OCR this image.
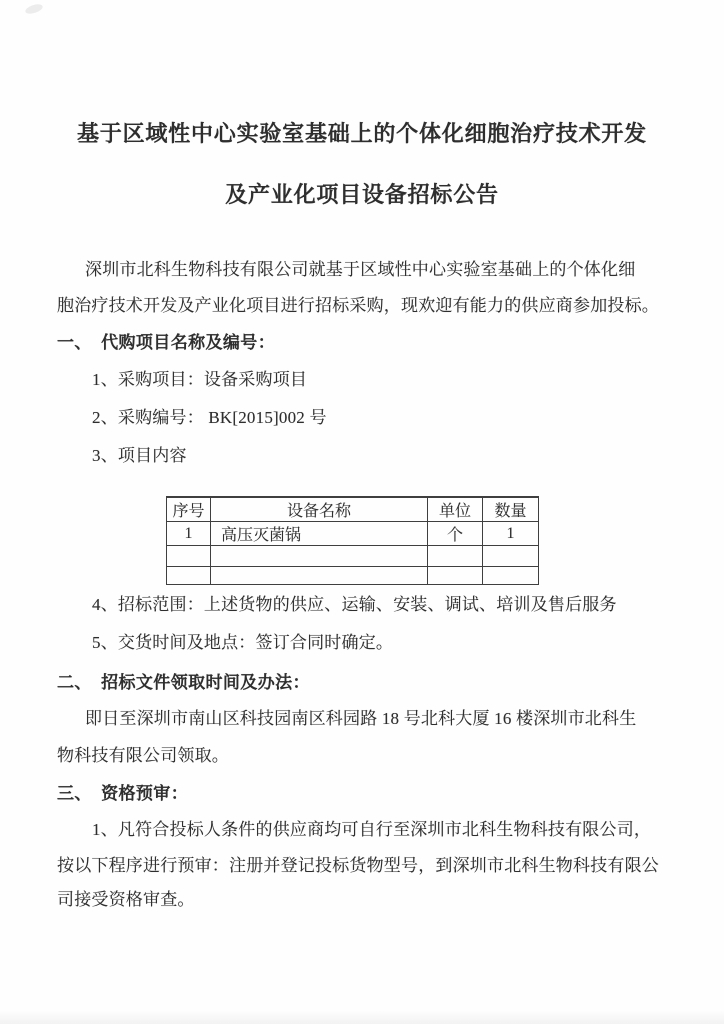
基于区域性中心实验室基础上的个体化细胞治疗技术开发
及产业化项目设备招标公告
深圳市北科生物科技有限公司就基于区域性中心实验室基础上的个体化细
胞治疗技术开发及产业化项目进行招标采购，现欢迎有能力的供应商参加投标。
一、  代购项目名称及编号：
1、采购项目：设备采购项目
2、采购编号： BK[2015]002 号
3、项目内容
序号	设备名称	单位	数量
1	高压灭菌锅	个	1

4、招标范围：上述货物的供应、运输、安装、调试、培训及售后服务
5、交货时间及地点：签订合同时确定。
二、  招标文件领取时间及办法：
即日至深圳市南山区科技园南区科园路 18 号北科大厦 16 楼深圳市北科生
物科技有限公司领取。
三、  资格预审：
1、凡符合投标人条件的供应商均可自行至深圳市北科生物科技有限公司，
按以下程序进行预审：注册并登记投标货物型号，到深圳市北科生物科技有限公
司接受资格审查。
